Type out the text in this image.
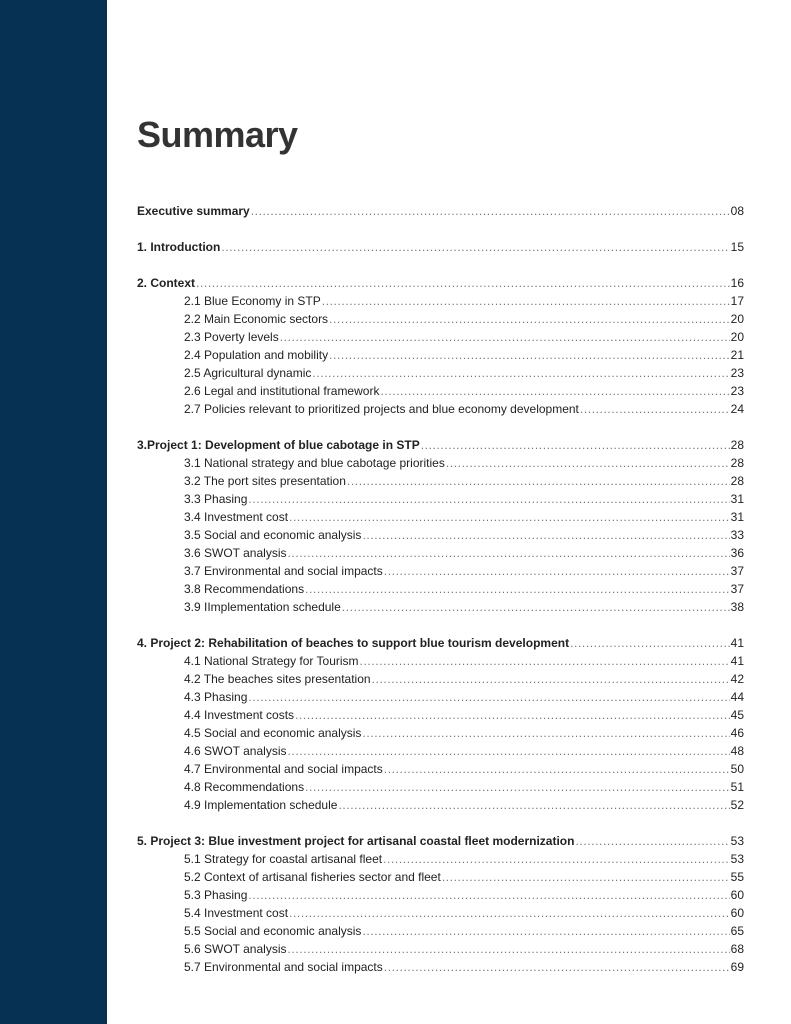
Summary
Executive summary .....	08
1. Introduction .....	15
2. Context .....	16
2.1 Blue Economy in STP .....	17
2.2 Main Economic sectors .....	20
2.3 Poverty levels .....	20
2.4 Population and mobility .....	21
2.5 Agricultural dynamic .....	23
2.6 Legal and institutional framework .....	23
2.7 Policies relevant to prioritized projects and blue economy development .....	24
3.Project 1: Development of blue cabotage in STP .....	28
3.1 National strategy and blue cabotage priorities .....	28
3.2 The port sites presentation .....	28
3.3 Phasing .....	31
3.4 Investment cost .....	31
3.5 Social and economic analysis .....	33
3.6 SWOT analysis .....	36
3.7 Environmental and social impacts .....	37
3.8 Recommendations .....	37
3.9 IImplementation schedule .....	38
4. Project 2: Rehabilitation of beaches to support blue tourism development .....	41
4.1 National Strategy for Tourism .....	41
4.2 The beaches sites presentation .....	42
4.3 Phasing .....	44
4.4 Investment costs .....	45
4.5 Social and economic analysis .....	46
4.6 SWOT analysis .....	48
4.7 Environmental and social impacts .....	50
4.8 Recommendations .....	51
4.9 Implementation schedule .....	52
5. Project 3: Blue investment project for artisanal coastal fleet modernization .....	53
5.1 Strategy for coastal artisanal fleet .....	53
5.2 Context of artisanal fisheries sector and fleet .....	55
5.3 Phasing .....	60
5.4 Investment cost .....	60
5.5 Social and economic analysis .....	65
5.6 SWOT analysis .....	68
5.7 Environmental and social impacts .....	69
